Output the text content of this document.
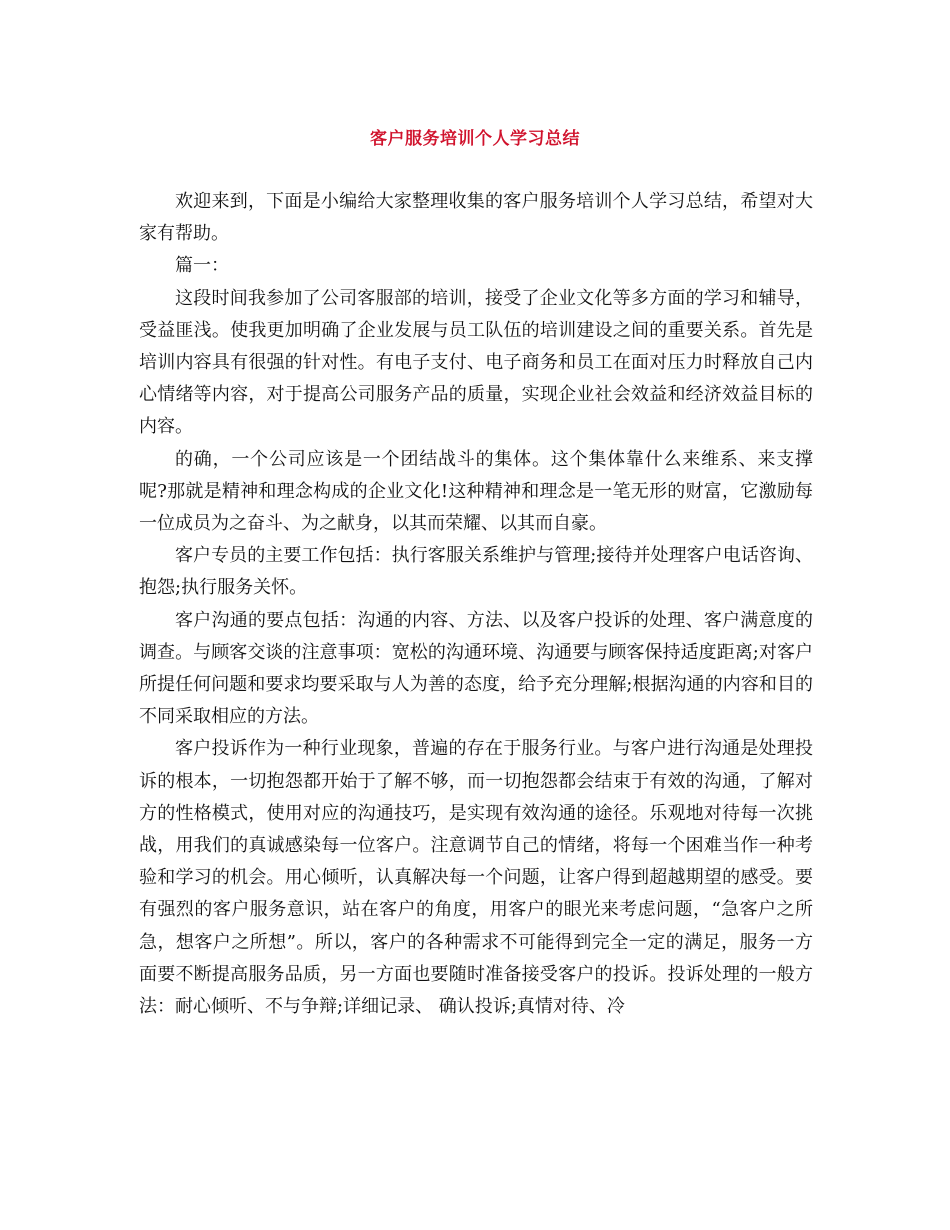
客户服务培训个人学习总结

欢迎来到，下面是小编给大家整理收集的客户服务培训个人学习总结，希望对大家有帮助。

篇一：

这段时间我参加了公司客服部的培训，接受了企业文化等多方面的学习和辅导，受益匪浅。使我更加明确了企业发展与员工队伍的培训建设之间的重要关系。首先是培训内容具有很强的针对性。有电子支付、电子商务和员工在面对压力时释放自己内心情绪等内容，对于提高公司服务产品的质量，实现企业社会效益和经济效益目标的内容。

的确，一个公司应该是一个团结战斗的集体。这个集体靠什么来维系、来支撑呢?那就是精神和理念构成的企业文化!这种精神和理念是一笔无形的财富，它激励每一位成员为之奋斗、为之献身，以其而荣耀、以其而自豪。

客户专员的主要工作包括：执行客服关系维护与管理;接待并处理客户电话咨询、抱怨;执行服务关怀。

客户沟通的要点包括：沟通的内容、方法、以及客户投诉的处理、客户满意度的调查。与顾客交谈的注意事项：宽松的沟通环境、沟通要与顾客保持适度距离;对客户所提任何问题和要求均要采取与人为善的态度，给予充分理解;根据沟通的内容和目的不同采取相应的方法。

客户投诉作为一种行业现象，普遍的存在于服务行业。与客户进行沟通是处理投诉的根本，一切抱怨都开始于了解不够，而一切抱怨都会结束于有效的沟通，了解对方的性格模式，使用对应的沟通技巧，是实现有效沟通的途径。乐观地对待每一次挑战，用我们的真诚感染每一位客户。注意调节自己的情绪，将每一个困难当作一种考验和学习的机会。用心倾听，认真解决每一个问题，让客户得到超越期望的感受。要有强烈的客户服务意识，站在客户的角度，用客户的眼光来考虑问题，“急客户之所急，想客户之所想”。所以，客户的各种需求不可能得到完全一定的满足，服务一方面要不断提高服务品质，另一方面也要随时准备接受客户的投诉。投诉处理的一般方法：耐心倾听、不与争辩;详细记录、 确认投诉;真情对待、冷
